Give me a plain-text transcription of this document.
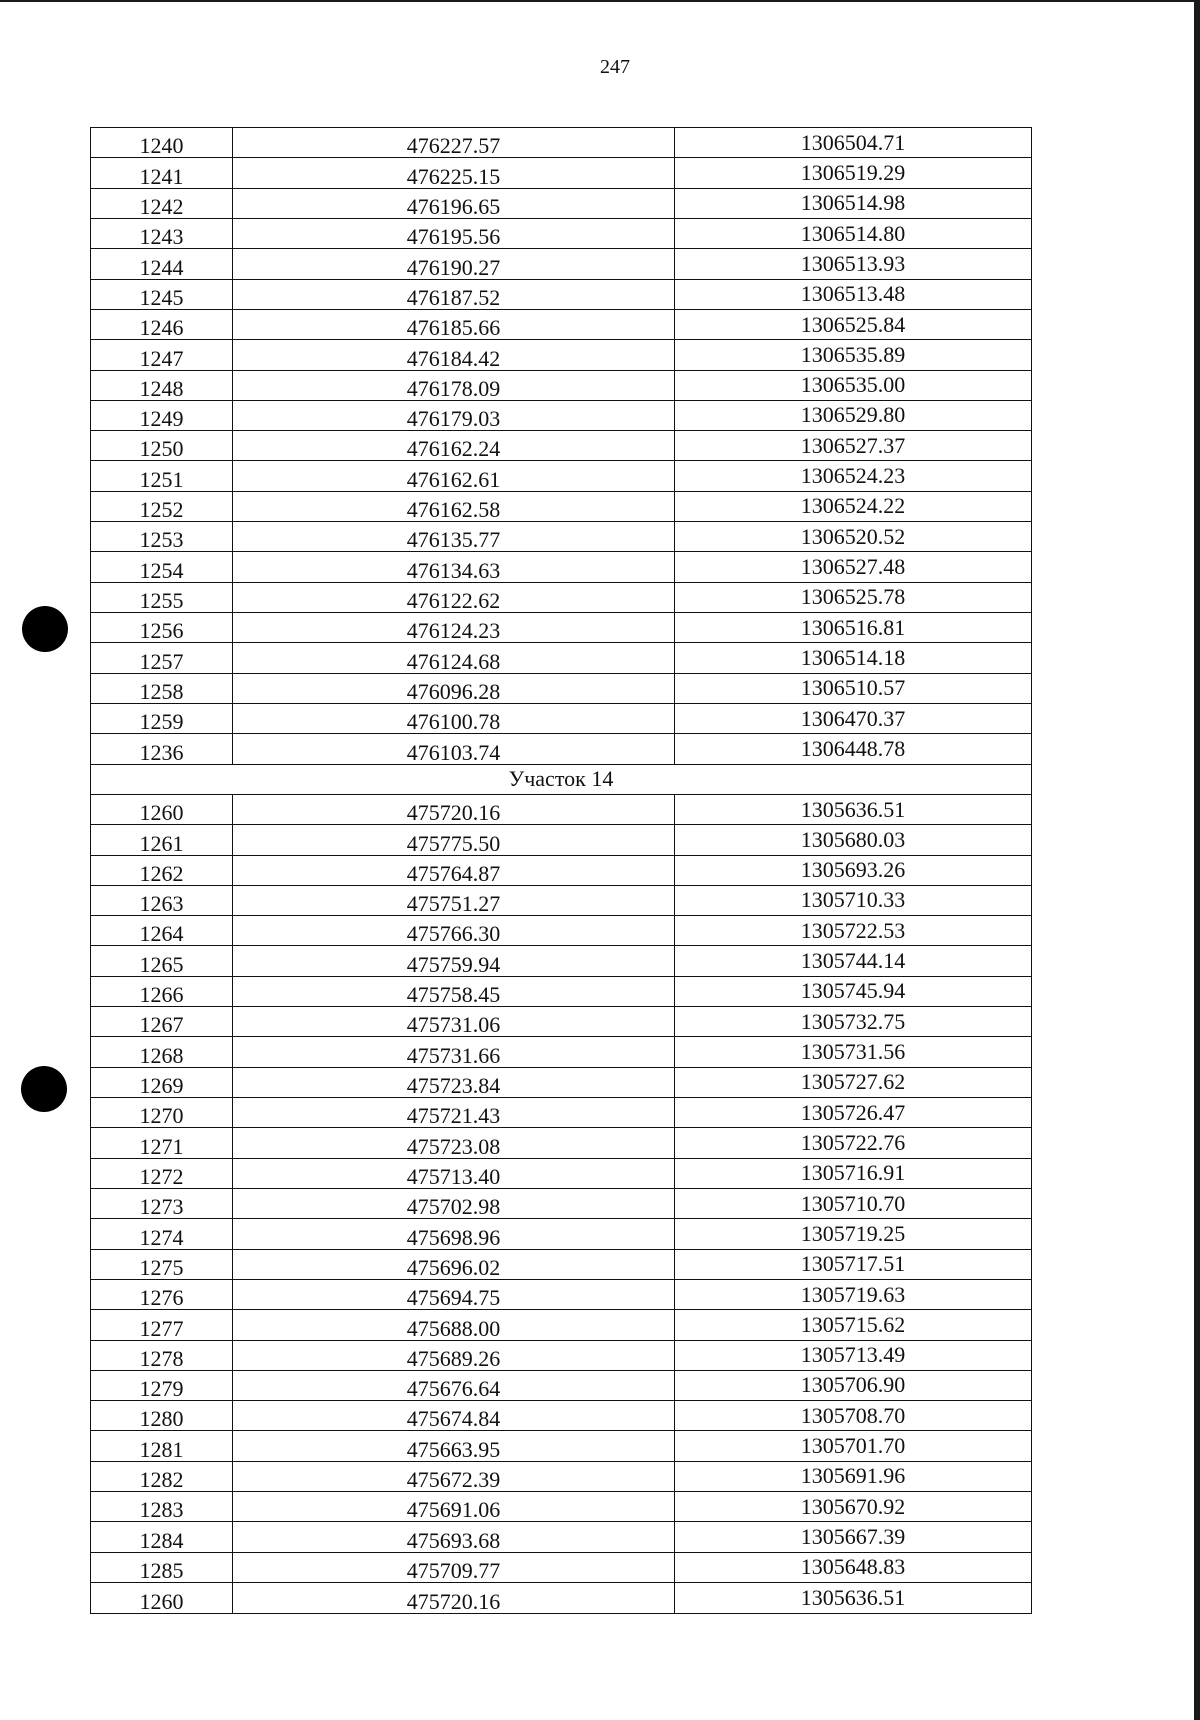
247
1240	476227.57	1306504.71
1241	476225.15	1306519.29
1242	476196.65	1306514.98
1243	476195.56	1306514.80
1244	476190.27	1306513.93
1245	476187.52	1306513.48
1246	476185.66	1306525.84
1247	476184.42	1306535.89
1248	476178.09	1306535.00
1249	476179.03	1306529.80
1250	476162.24	1306527.37
1251	476162.61	1306524.23
1252	476162.58	1306524.22
1253	476135.77	1306520.52
1254	476134.63	1306527.48
1255	476122.62	1306525.78
1256	476124.23	1306516.81
1257	476124.68	1306514.18
1258	476096.28	1306510.57
1259	476100.78	1306470.37
1236	476103.74	1306448.78
Участок 14		
1260	475720.16	1305636.51
1261	475775.50	1305680.03
1262	475764.87	1305693.26
1263	475751.27	1305710.33
1264	475766.30	1305722.53
1265	475759.94	1305744.14
1266	475758.45	1305745.94
1267	475731.06	1305732.75
1268	475731.66	1305731.56
1269	475723.84	1305727.62
1270	475721.43	1305726.47
1271	475723.08	1305722.76
1272	475713.40	1305716.91
1273	475702.98	1305710.70
1274	475698.96	1305719.25
1275	475696.02	1305717.51
1276	475694.75	1305719.63
1277	475688.00	1305715.62
1278	475689.26	1305713.49
1279	475676.64	1305706.90
1280	475674.84	1305708.70
1281	475663.95	1305701.70
1282	475672.39	1305691.96
1283	475691.06	1305670.92
1284	475693.68	1305667.39
1285	475709.77	1305648.83
1260	475720.16	1305636.51
